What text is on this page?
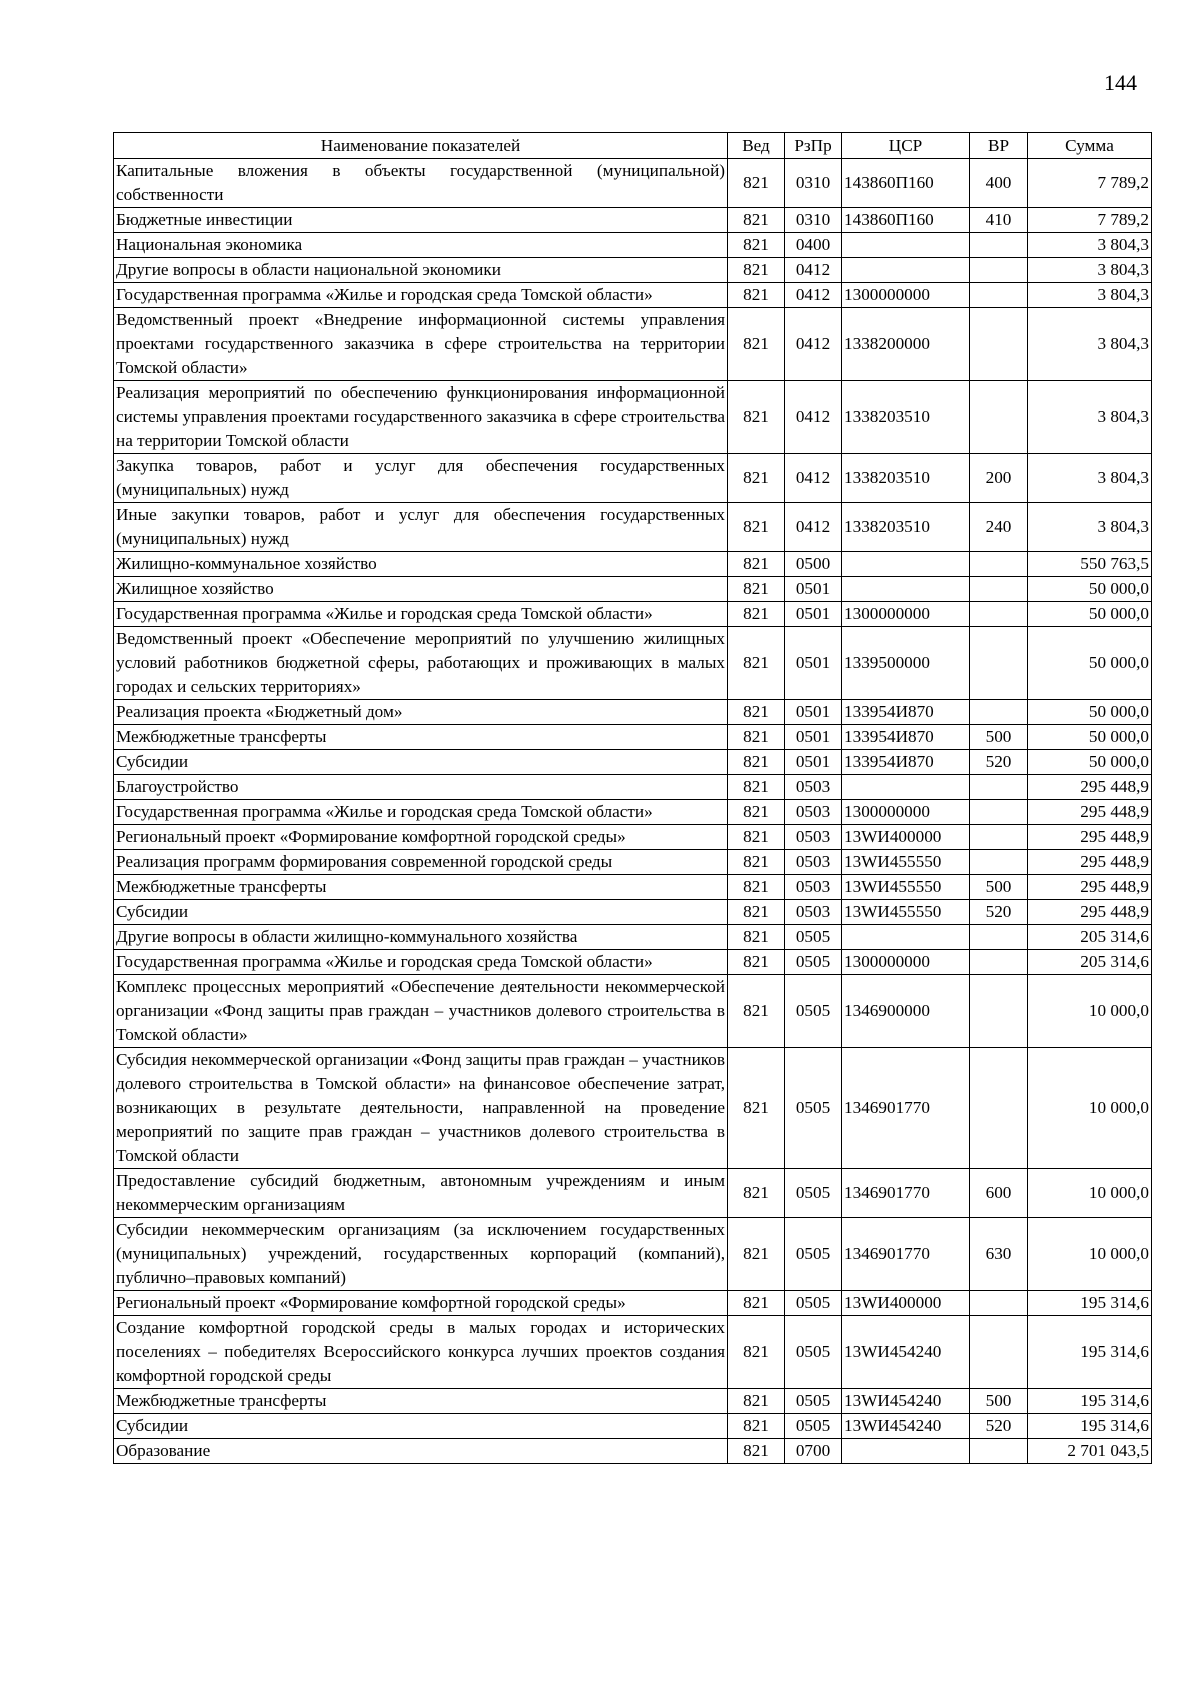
144
Наименование показателей	Вед	РзПр	ЦСР	ВР	Сумма
Капитальные вложения в объекты государственной (муниципальной) собственности	821	0310	143860П160	400	7 789,2
Бюджетные инвестиции	821	0310	143860П160	410	7 789,2
Национальная экономика	821	0400			3 804,3
Другие вопросы в области национальной экономики	821	0412			3 804,3
Государственная программа «Жилье и городская среда Томской области»	821	0412	1300000000		3 804,3
Ведомственный проект «Внедрение информационной системы управления проектами государственного заказчика в сфере строительства на территории Томской области»	821	0412	1338200000		3 804,3
Реализация мероприятий по обеспечению функционирования информационной системы управления проектами государственного заказчика в сфере строительства на территории Томской области	821	0412	1338203510		3 804,3
Закупка товаров, работ и услуг для обеспечения государственных (муниципальных) нужд	821	0412	1338203510	200	3 804,3
Иные закупки товаров, работ и услуг для обеспечения государственных (муниципальных) нужд	821	0412	1338203510	240	3 804,3
Жилищно-коммунальное хозяйство	821	0500			550 763,5
Жилищное хозяйство	821	0501			50 000,0
Государственная программа «Жилье и городская среда Томской области»	821	0501	1300000000		50 000,0
Ведомственный проект «Обеспечение мероприятий по улучшению жилищных условий работников бюджетной сферы, работающих и проживающих в малых городах и сельских территориях»	821	0501	1339500000		50 000,0
Реализация проекта «Бюджетный дом»	821	0501	133954И870		50 000,0
Межбюджетные трансферты	821	0501	133954И870	500	50 000,0
Субсидии	821	0501	133954И870	520	50 000,0
Благоустройство	821	0503			295 448,9
Государственная программа «Жилье и городская среда Томской области»	821	0503	1300000000		295 448,9
Региональный проект «Формирование комфортной городской среды»	821	0503	13WИ400000		295 448,9
Реализация программ формирования современной городской среды	821	0503	13WИ455550		295 448,9
Межбюджетные трансферты	821	0503	13WИ455550	500	295 448,9
Субсидии	821	0503	13WИ455550	520	295 448,9
Другие вопросы в области жилищно-коммунального хозяйства	821	0505			205 314,6
Государственная программа «Жилье и городская среда Томской области»	821	0505	1300000000		205 314,6
Комплекс процессных мероприятий «Обеспечение деятельности некоммерческой организации «Фонд защиты прав граждан – участников долевого строительства в Томской области»	821	0505	1346900000		10 000,0
Субсидия некоммерческой организации «Фонд защиты прав граждан – участников долевого строительства в Томской области» на финансовое обеспечение затрат, возникающих в результате деятельности, направленной на проведение мероприятий по защите прав граждан – участников долевого строительства в Томской области	821	0505	1346901770		10 000,0
Предоставление субсидий бюджетным, автономным учреждениям и иным некоммерческим организациям	821	0505	1346901770	600	10 000,0
Субсидии некоммерческим организациям (за исключением государственных (муниципальных) учреждений, государственных корпораций (компаний), публично–правовых компаний)	821	0505	1346901770	630	10 000,0
Региональный проект «Формирование комфортной городской среды»	821	0505	13WИ400000		195 314,6
Создание комфортной городской среды в малых городах и исторических поселениях – победителях Всероссийского конкурса лучших проектов создания комфортной городской среды	821	0505	13WИ454240		195 314,6
Межбюджетные трансферты	821	0505	13WИ454240	500	195 314,6
Субсидии	821	0505	13WИ454240	520	195 314,6
Образование	821	0700			2 701 043,5
